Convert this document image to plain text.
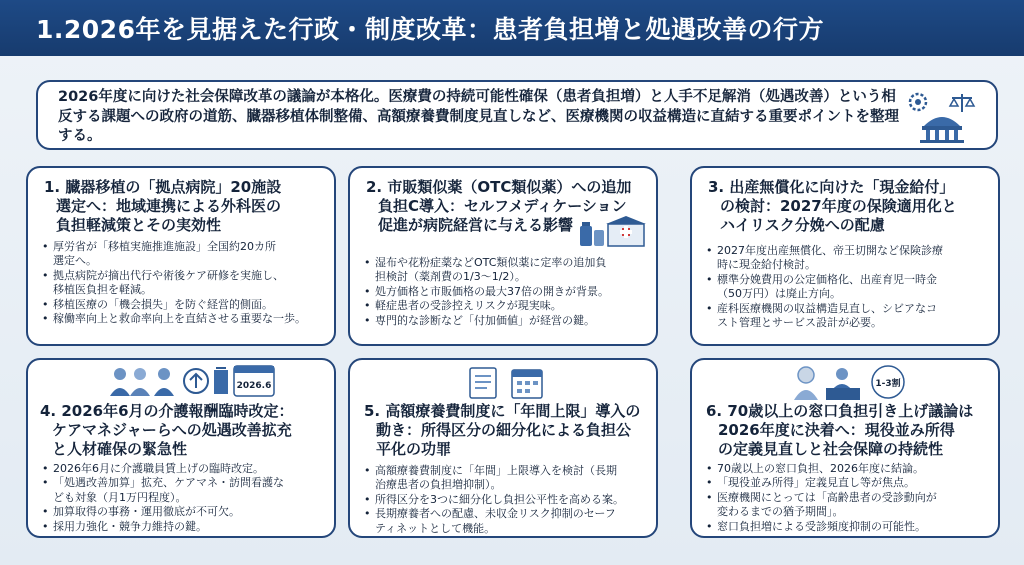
1.2026年を見据えた行政・制度改革：患者負担増と処遇改善の行方

2026年度に向けた社会保障改革の議論が本格化。医療費の持続可能性確保（患者負担増）と人手不足解消（処遇改善）という相反する課題への政府の道筋、臓器移植体制整備、高額療養費制度見直しなど、医療機関の収益構造に直結する重要ポイントを整理する。

1. 臓器移植の「拠点病院」20施設
選定へ：地域連携による外科医の
負担軽減策とその実効性
• 厚労省が「移植実施推進施設」全国約20カ所
選定へ。
• 拠点病院が摘出代行や術後ケア研修を実施し、
移植医負担を軽減。
• 移植医療の「機会損失」を防ぐ経営的側面。
• 稼働率向上と救命率向上を直結させる重要な一歩。
2. 市販類似薬（OTC類似薬）への追加
負担C導入：セルフメディケーション
促進が病院経営に与える影響
• 湿布や花粉症薬などOTC類似薬に定率の追加負
担検討（薬剤費の1/3〜1/2）。
• 処方価格と市販価格の最大37倍の開きが背景。
• 軽症患者の受診控えリスクが現実味。
• 専門的な診断など「付加価値」が経営の鍵。
3. 出産無償化に向けた「現金給付」
の検討：2027年度の保険適用化と
ハイリスク分娩への配慮
• 2027年度出産無償化、帝王切開など保険診療
時に現金給付検討。
• 標準分娩費用の公定価格化、出産育児一時金
（50万円）は廃止方向。
• 産科医療機関の収益構造見直し、シビアなコ
スト管理とサービス設計が必要。
2026.6
4. 2026年6月の介護報酬臨時改定：
ケアマネジャーらへの処遇改善拡充
と人材確保の緊急性
• 2026年6月に介護職員賃上げの臨時改定。
• 「処遇改善加算」拡充、ケアマネ・訪問看護な
ども対象（月1万円程度）。
• 加算取得の事務・運用徹底が不可欠。
• 採用力強化・競争力維持の鍵。
5. 高額療養費制度に「年間上限」導入の
動き：所得区分の細分化による負担公
平化の功罪
• 高額療養費制度に「年間」上限導入を検討（長期
治療患者の負担増抑制）。
• 所得区分を3つに細分化し負担公平性を高める案。
• 長期療養者への配慮、未収金リスク抑制のセーフ
ティネットとして機能。
1-3割
6. 70歳以上の窓口負担引き上げ議論は
2026年度に決着へ：現役並み所得
の定義見直しと社会保障の持続性
• 70歳以上の窓口負担、2026年度に結論。
• 「現役並み所得」定義見直し等が焦点。
• 医療機関にとっては「高齢患者の受診動向が
変わるまでの猶予期間」。
• 窓口負担増による受診頻度抑制の可能性。
